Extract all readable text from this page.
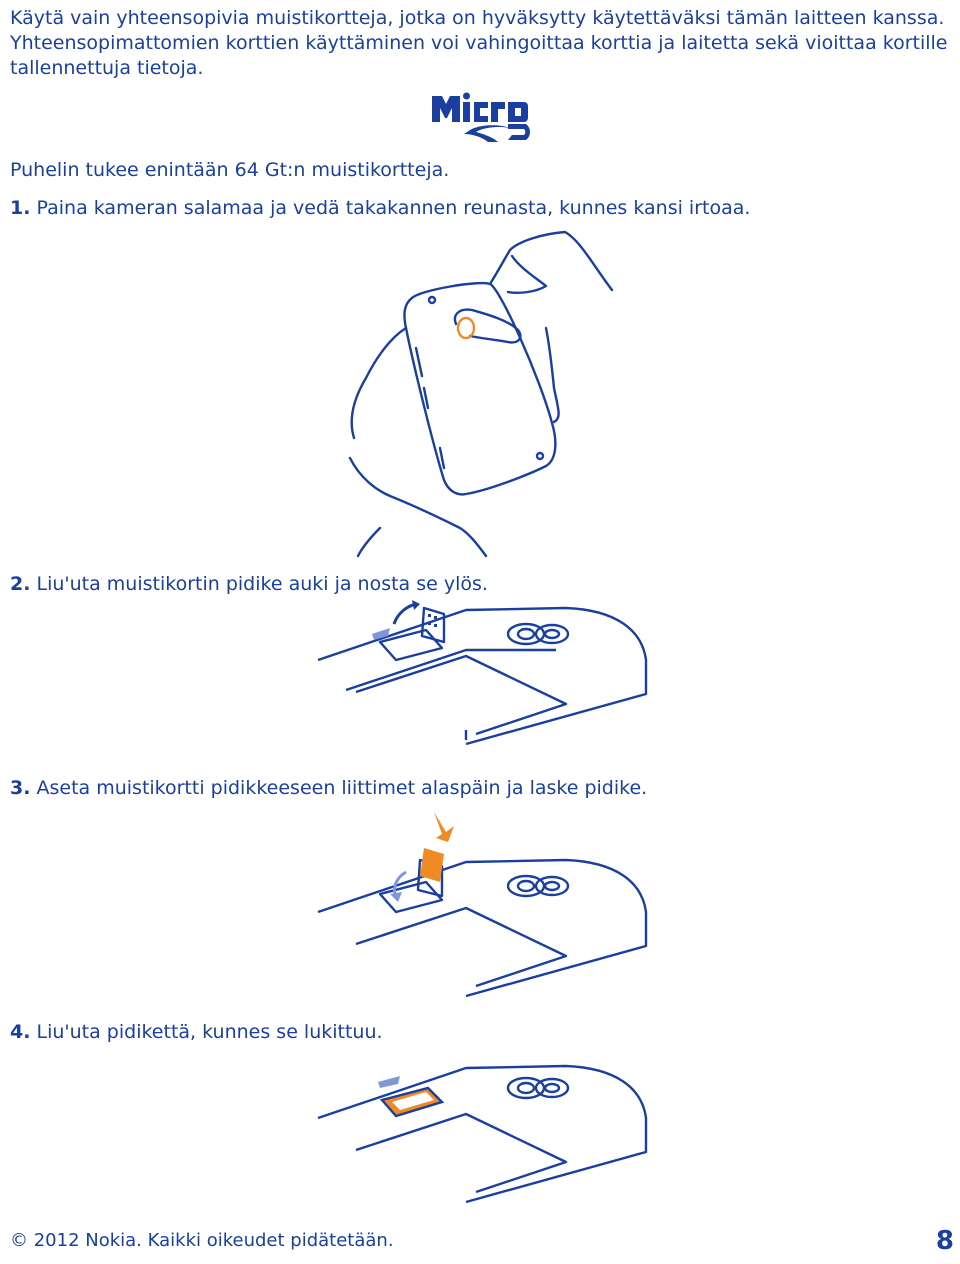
Käytä vain yhteensopivia muistikortteja, jotka on hyväksytty käytettäväksi tämän laitteen kanssa. Yhteensopimattomien korttien käyttäminen voi vahingoittaa korttia ja laitetta sekä vioittaa kortille tallennettuja tietoja.

Puhelin tukee enintään 64 Gt:n muistikortteja.

1. Paina kameran salamaa ja vedä takakannen reunasta, kunnes kansi irtoaa.

2. Liu'uta muistikortin pidike auki ja nosta se ylös.

3. Aseta muistikortti pidikkeeseen liittimet alaspäin ja laske pidike.

4. Liu'uta pidikettä, kunnes se lukittuu.

© 2012 Nokia. Kaikki oikeudet pidätetään.	8
